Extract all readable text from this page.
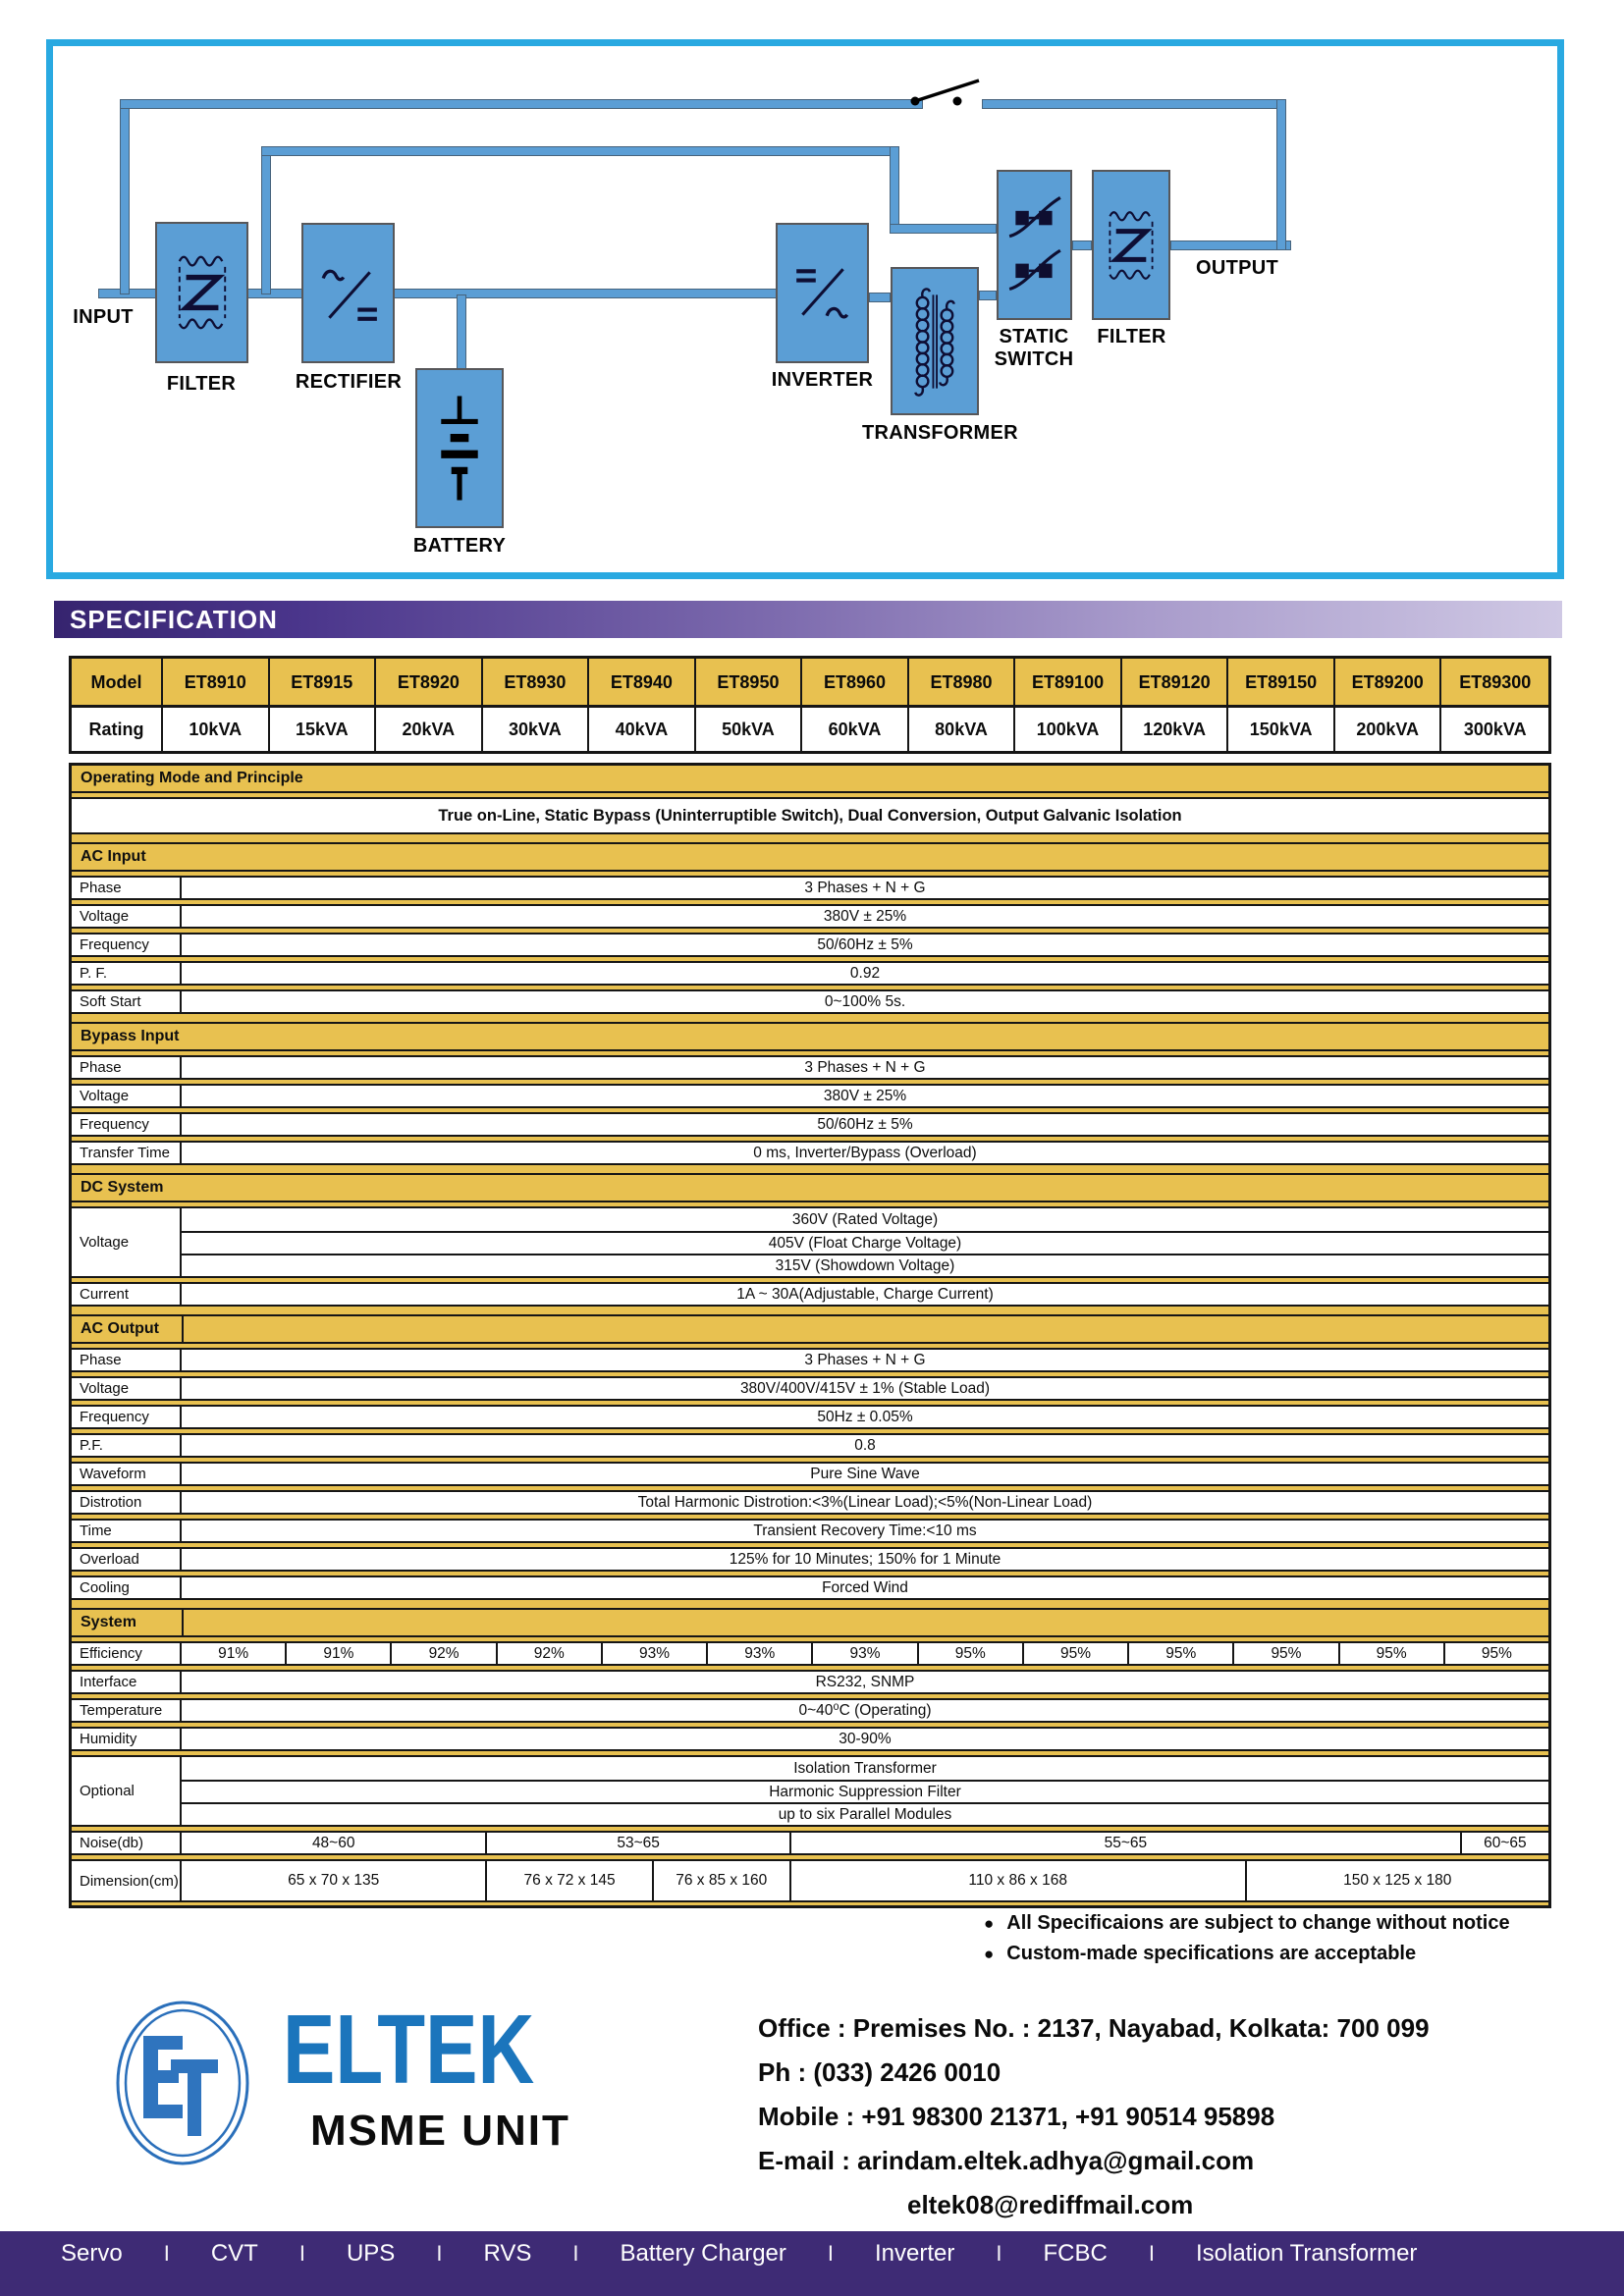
INPUT
FILTER	RECTIFIER
BATTERY
INVERTER
TRANSFORMER
STATIC SWITCH
FILTER
OUTPUT
SPECIFICATION
Model	ET8910	ET8915	ET8920	ET8930	ET8940	ET8950	ET8960	ET8980	ET89100	ET89120	ET89150	ET89200	ET89300
Rating	10kVA	15kVA	20kVA	30kVA	40kVA	50kVA	60kVA	80kVA	100kVA	120kVA	150kVA	200kVA	300kVA
Operating Mode and Principle
True on-Line, Static Bypass (Uninterruptible Switch), Dual Conversion, Output Galvanic Isolation
AC Input
Phase	3 Phases + N + G
Voltage	380V ± 25%
Frequency	50/60Hz ± 5%
P. F.	0.92
Soft Start	0~100% 5s.
Bypass Input
Phase	3 Phases + N + G
Voltage	380V ± 25%
Frequency	50/60Hz ± 5%
Transfer Time	0 ms, Inverter/Bypass (Overload)
DC System
Voltage
360V (Rated Voltage)
405V (Float Charge Voltage)
315V (Showdown Voltage)
Current	1A ~ 30A(Adjustable, Charge Current)
AC Output
Phase	3 Phases + N + G
Voltage	380V/400V/415V ± 1% (Stable Load)
Frequency	50Hz ± 0.05%
P.F.	0.8
Waveform	Pure Sine Wave
Distrotion	Total Harmonic Distrotion:<3%(Linear Load);<5%(Non-Linear Load)
Time	Transient Recovery Time:<10 ms
Overload	125% for 10 Minutes; 150% for 1 Minute
Cooling	Forced Wind
System
Efficiency	91%	91%	92%	92%	93%	93%	93%	95%	95%	95%	95%	95%	95%
Interface	RS232, SNMP
Temperature	0~40⁰C (Operating)
Humidity	30-90%
Optional
Isolation Transformer
Harmonic Suppression Filter
up to six Parallel Modules
Noise(db)	48~60	53~65	55~65	60~65
Dimension(cm)	65 x 70 x 135	76 x 72 x 145	76 x 85 x 160	110 x 86 x 168	150 x 125 x 180
● All Specificaions are subject to change without notice
● Custom-made specifications are acceptable
ELTEK
MSME UNIT
Office : Premises No. : 2137, Nayabad, Kolkata: 700 099
Ph : (033) 2426 0010
Mobile : +91 98300 21371, +91 90514 95898
E-mail : arindam.eltek.adhya@gmail.com
eltek08@rediffmail.com
Servo I CVT I UPS I RVS I Battery Charger I Inverter I FCBC I Isolation Transformer
